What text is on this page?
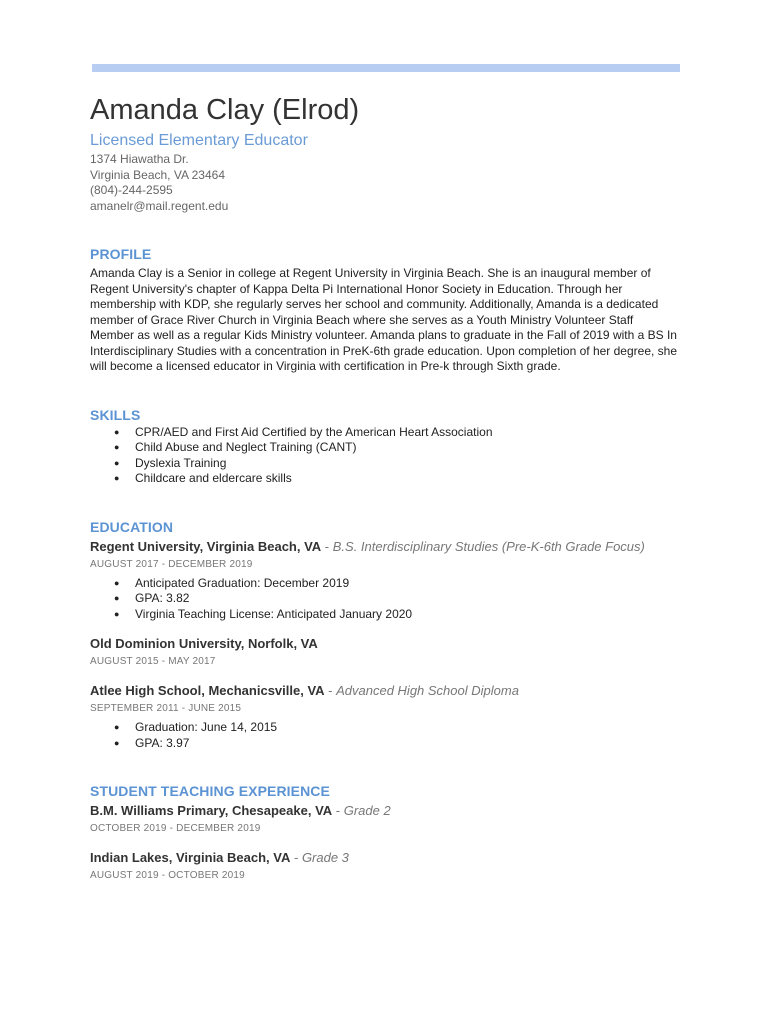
Amanda Clay (Elrod)
Licensed Elementary Educator
1374 Hiawatha Dr.
Virginia Beach, VA 23464
(804)-244-2595
amanelr@mail.regent.edu
PROFILE

Amanda Clay is a Senior in college at Regent University in Virginia Beach. She is an inaugural member of Regent University's chapter of Kappa Delta Pi International Honor Society in Education. Through her membership with KDP, she regularly serves her school and community. Additionally, Amanda is a dedicated member of Grace River Church in Virginia Beach where she serves as a Youth Ministry Volunteer Staff Member as well as a regular Kids Ministry volunteer. Amanda plans to graduate in the Fall of 2019 with a BS In Interdisciplinary Studies with a concentration in PreK-6th grade education. Upon completion of her degree, she will become a licensed educator in Virginia with certification in Pre-k through Sixth grade.

SKILLS
● CPR/AED and First Aid Certified by the American Heart Association
● Child Abuse and Neglect Training (CANT)
● Dyslexia Training
● Childcare and eldercare skills
EDUCATION
Regent University, Virginia Beach, VA - B.S. Interdisciplinary Studies (Pre-K-6th Grade Focus)
AUGUST 2017 - DECEMBER 2019
● Anticipated Graduation: December 2019
● GPA: 3.82
● Virginia Teaching License: Anticipated January 2020
Old Dominion University, Norfolk, VA
AUGUST 2015 - MAY 2017
Atlee High School, Mechanicsville, VA - Advanced High School Diploma
SEPTEMBER 2011 - JUNE 2015
● Graduation: June 14, 2015
● GPA: 3.97
STUDENT TEACHING EXPERIENCE
B.M. Williams Primary, Chesapeake, VA - Grade 2
OCTOBER 2019 - DECEMBER 2019
Indian Lakes, Virginia Beach, VA - Grade 3
AUGUST 2019 - OCTOBER 2019
